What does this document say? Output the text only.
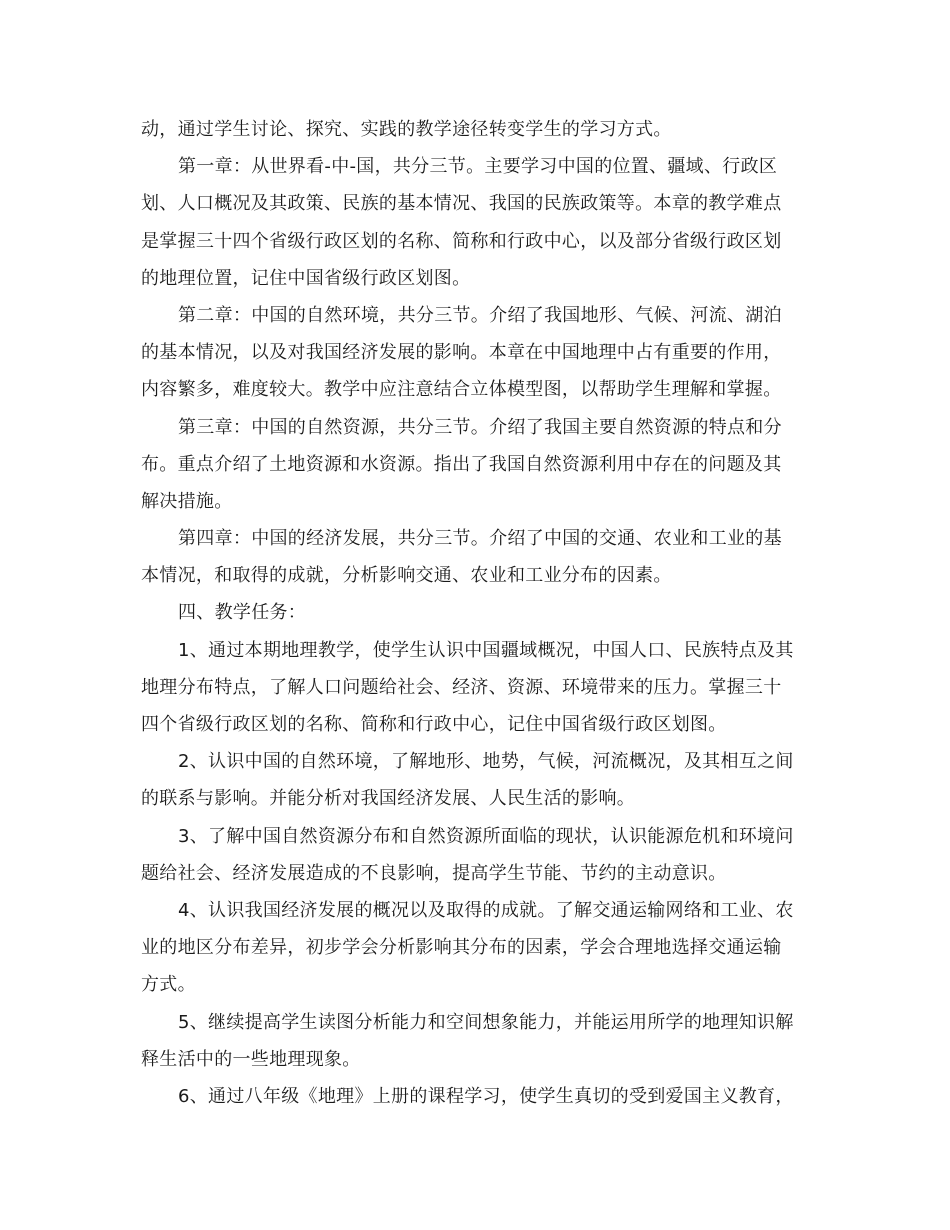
动，通过学生讨论、探究、实践的教学途径转变学生的学习方式。
第一章：从世界看-中-国，共分三节。主要学习中国的位置、疆域、行政区
划、人口概况及其政策、民族的基本情况、我国的民族政策等。本章的教学难点
是掌握三十四个省级行政区划的名称、简称和行政中心，以及部分省级行政区划
的地理位置，记住中国省级行政区划图。
第二章：中国的自然环境，共分三节。介绍了我国地形、气候、河流、湖泊
的基本情况，以及对我国经济发展的影响。本章在中国地理中占有重要的作用，
内容繁多，难度较大。教学中应注意结合立体模型图，以帮助学生理解和掌握。
第三章：中国的自然资源，共分三节。介绍了我国主要自然资源的特点和分
布。重点介绍了土地资源和水资源。指出了我国自然资源利用中存在的问题及其
解决措施。
第四章：中国的经济发展，共分三节。介绍了中国的交通、农业和工业的基
本情况，和取得的成就，分析影响交通、农业和工业分布的因素。
四、教学任务：
1、通过本期地理教学，使学生认识中国疆域概况，中国人口、民族特点及其
地理分布特点，了解人口问题给社会、经济、资源、环境带来的压力。掌握三十
四个省级行政区划的名称、简称和行政中心，记住中国省级行政区划图。
2、认识中国的自然环境，了解地形、地势，气候，河流概况，及其相互之间
的联系与影响。并能分析对我国经济发展、人民生活的影响。
3、了解中国自然资源分布和自然资源所面临的现状，认识能源危机和环境问
题给社会、经济发展造成的不良影响，提高学生节能、节约的主动意识。
4、认识我国经济发展的概况以及取得的成就。了解交通运输网络和工业、农
业的地区分布差异，初步学会分析影响其分布的因素，学会合理地选择交通运输
方式。
5、继续提高学生读图分析能力和空间想象能力，并能运用所学的地理知识解
释生活中的一些地理现象。
6、通过八年级《地理》上册的课程学习，使学生真切的受到爱国主义教育，
